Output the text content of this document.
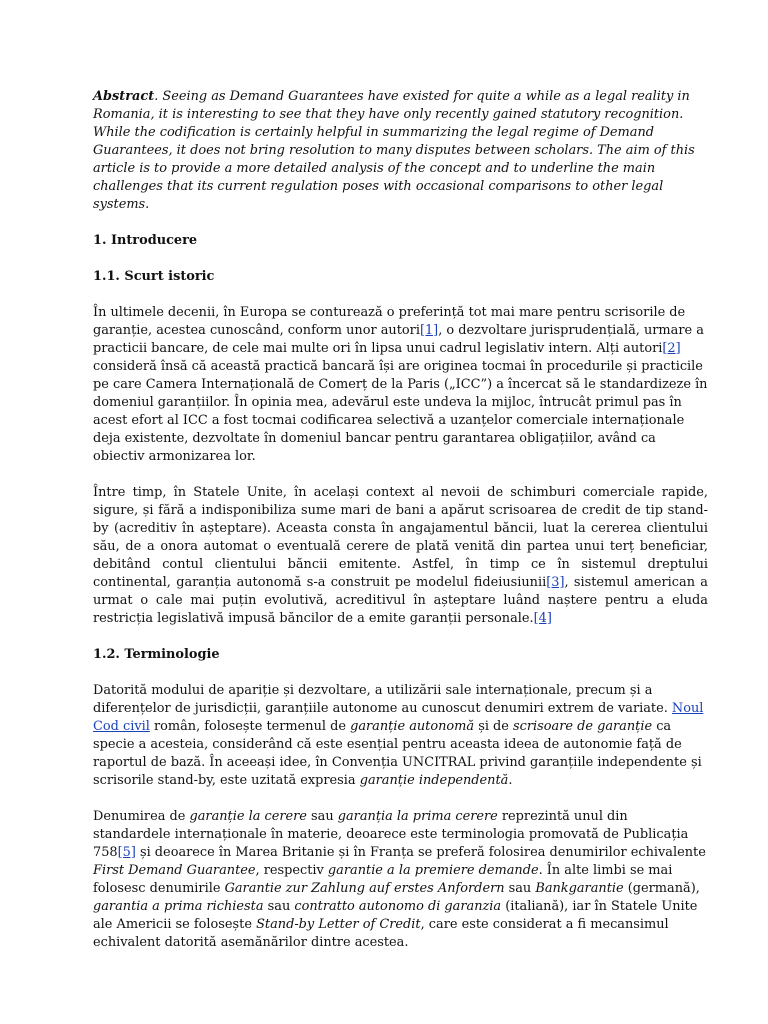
Abstract. Seeing as Demand Guarantees have existed for quite a while as a legal reality in Romania, it is interesting to see that they have only recently gained statutory recognition. While the codification is certainly helpful in summarizing the legal regime of Demand Guarantees, it does not bring resolution to many disputes between scholars. The aim of this article is to provide a more detailed analysis of the concept and to underline the main challenges that its current regulation poses with occasional comparisons to other legal systems.

1. Introducere
1.1. Scurt istoric

În ultimele decenii, în Europa se conturează o preferință tot mai mare pentru scrisorile de garanție, acestea cunoscând, conform unor autori[1], o dezvoltare jurisprudențială, urmare a practicii bancare, de cele mai multe ori în lipsa unui cadrul legislativ intern. Alți autori[2] consideră însă că această practică bancară își are originea tocmai în procedurile și practicile pe care Camera Internațională de Comerț de la Paris („ICC”) a încercat să le standardizeze în domeniul garanțiilor. În opinia mea, adevărul este undeva la mijloc, întrucât primul pas în acest efort al ICC a fost tocmai codificarea selectivă a uzanțelor comerciale internaționale deja existente, dezvoltate în domeniul bancar pentru garantarea obligațiilor, având ca obiectiv armonizarea lor.

Între timp, în Statele Unite, în același context al nevoii de schimburi comerciale rapide, sigure, și fără a indisponibiliza sume mari de bani a apărut scrisoarea de credit de tip stand-by (acreditiv în așteptare). Aceasta consta în angajamentul băncii, luat la cererea clientului său, de a onora automat o eventuală cerere de plată venită din partea unui terț beneficiar, debitând contul clientului băncii emitente. Astfel, în timp ce în sistemul dreptului continental, garanția autonomă s-a construit pe modelul fideiusiunii[3], sistemul american a urmat o cale mai puțin evolutivă, acreditivul în așteptare luând naștere pentru a eluda restricția legislativă impusă băncilor de a emite garanții personale.[4]

1.2. Terminologie

Datorită modului de apariție și dezvoltare, a utilizării sale internaționale, precum și a diferențelor de jurisdicții, garanțiile autonome au cunoscut denumiri extrem de variate. Noul Cod civil român, folosește termenul de garanție autonomă și de scrisoare de garanție ca specie a acesteia, considerând că este esențial pentru aceasta ideea de autonomie față de raportul de bază. În aceeași idee, în Convenția UNCITRAL privind garanțiile independente și scrisorile stand-by, este uzitată expresia garanție independentă.

Denumirea de garanție la cerere sau garanția la prima cerere reprezintă unul din standardele internaționale în materie, deoarece este terminologia promovată de Publicația 758[5] și deoarece în Marea Britanie și în Franța se preferă folosirea denumirilor echivalente First Demand Guarantee, respectiv garantie a la premiere demande. În alte limbi se mai folosesc denumirile Garantie zur Zahlung auf erstes Anfordern sau Bankgarantie (germană), garantia a prima richiesta sau contratto autonomo di garanzia (italiană), iar în Statele Unite ale Americii se folosește Stand-by Letter of Credit, care este considerat a fi mecansimul echivalent datorită asemănărilor dintre acestea.
